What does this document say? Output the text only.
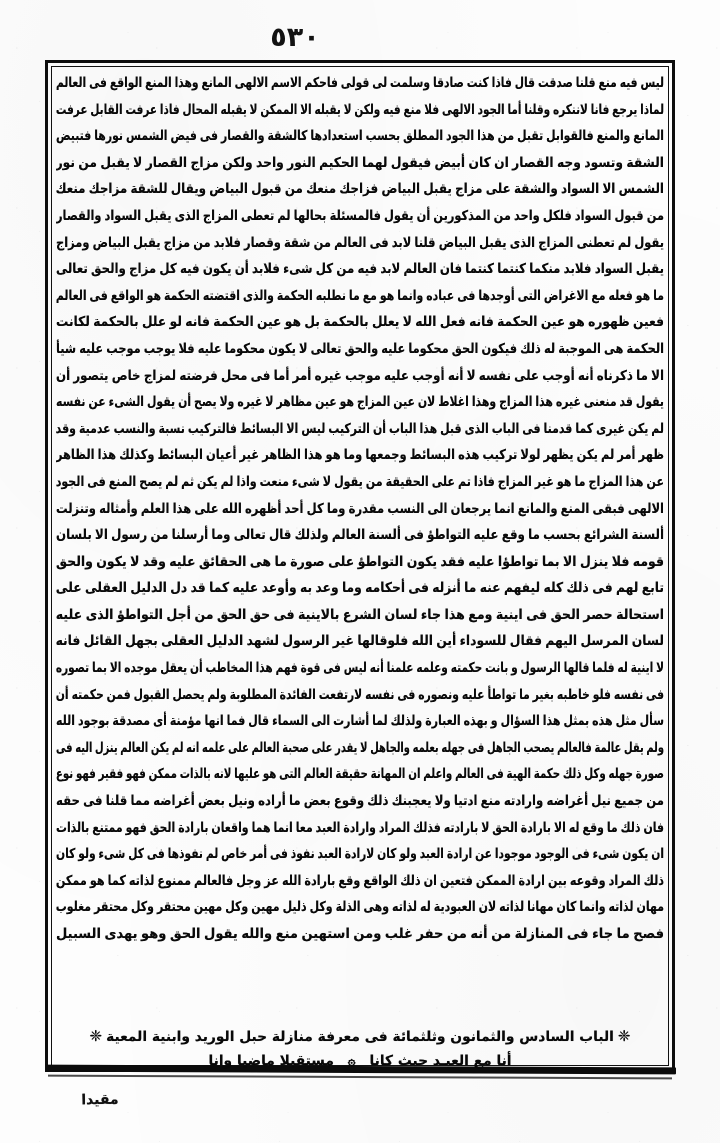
٥٣٠
ليس فيه منع قلنا صدقت قال فاذا كنت صادقا وسلمت لى قولى فاحكم الاسم الالهى المانع وهذا المنع الواقع فى العالم
لماذا يرجع فانا لاننكره وقلنا أما الجود الالهى فلا منع فيه ولكن لا يقبله الا الممكن لا يقبله المحال فاذا عرفت القابل عرفت
المانع والمنع فالقوابل تقبل من هذا الجود المطلق بحسب استعدادها كالشقة والقصار فى فيض الشمس نورها فتبيض
الشقة وتسود وجه القصار ان كان أبيض فيقول لهما الحكيم النور واحد ولكن مزاج القصار لا يقبل من نور
الشمس الا السواد والشقة على مزاج يقبل البياض فزاجك منعك من قبول البياض ويقال للشقة مزاجك منعك
من قبول السواد فلكل واحد من المذكورين أن يقول فالمسئلة بحالها لم تعطى المزاج الذى يقبل السواد والقصار
يقول لم تعطنى المزاج الذى يقبل البياض قلنا لابد فى العالم من شقة وقصار فلابد من مزاج يقبل البياض ومزاج
يقبل السواد فلابد منكما كنتما كنتما فان العالم لابد فيه من كل شىء فلابد أن يكون فيه كل مزاج والحق تعالى
ما هو فعله مع الاغراض التى أوجدها فى عباده وانما هو مع ما نطلبه الحكمة والذى اقتضته الحكمة هو الواقع فى العالم
فعين ظهوره هو عين الحكمة فانه فعل الله لا يعلل بالحكمة بل هو عين الحكمة فانه لو علل بالحكمة لكانت
الحكمة هى الموجبة له ذلك فيكون الحق محكوما عليه والحق تعالى لا يكون محكوما عليه فلا يوجب موجب عليه شيأ
الا ما ذكرناه أنه أوجب على نفسه لا أنه أوجب عليه موجب غيره أمر أما فى محل فرضته لمزاج خاص يتصور أن
يقول قد منعنى غيره هذا المزاج وهذا اغلاط لان عين المزاج هو عين مظاهر لا غيره ولا يصح أن يقول الشىء عن نفسه
لم يكن غيرى كما قدمنا فى الباب الذى قبل هذا الباب أن التركيب ليس الا البسائط فالتركيب نسبة والنسب عدمية وقد
ظهر أمر لم يكن يظهر لولا تركيب هذه البسائط وجمعها وما هو هذا الظاهر غير أعيان البسائط وكذلك هذا الظاهر
عن هذا المزاج ما هو غير المزاج فاذا تم على الحقيقة من يقول لا شىء منعت واذا لم يكن ثم لم يصح المنع فى الجود
الالهى فبقى المنع والمانع انما يرجعان الى النسب مقدرة وما كل أحد أظهره الله على هذا العلم وأمثاله وتنزلت
ألسنة الشرائع بحسب ما وقع عليه التواطؤ فى ألسنة العالم ولذلك قال تعالى وما أرسلنا من رسول الا بلسان
قومه فلا ينزل الا بما تواطؤا عليه فقد يكون التواطؤ على صورة ما هى الحقائق عليه وقد لا يكون والحق
تابع لهم فى ذلك كله ليفهم عنه ما أنزله فى أحكامه وما وعد به وأوعد عليه كما قد دل الدليل العقلى على
استحالة حصر الحق فى اينية ومع هذا جاء لسان الشرع بالاينية فى حق الحق من أجل التواطؤ الذى عليه
لسان المرسل اليهم فقال للسوداء أين الله فلوقالها غير الرسول لشهد الدليل العقلى بجهل القائل فانه
لا اينية له فلما قالها الرسول و بانت حكمته وعلمه علمنا أنه ليس فى قوة فهم هذا المخاطب أن يعقل موجده الا بما تصوره
فى نفسه فلو خاطبه بغير ما تواطأ عليه ونصوره فى نفسه لارتفعت الفائدة المطلوبة ولم يحصل القبول فمن حكمته أن
سأل مثل هذه بمثل هذا السؤال و بهذه العبارة ولذلك لما أشارت الى السماء قال فما انها مؤمنة أى مصدقة بوجود الله
ولم يقل عالمة فالعالم يصحب الجاهل فى جهله بعلمه والجاهل لا يقدر على صحبة العالم على علمه انه لم يكن العالم ينزل اليه فى
صورة جهله وكل ذلك حكمة الهية فى العالم واعلم ان المهانة حقيقة العالم التى هو عليها لانه بالذات ممكن فهو فقير فهو نوع
من جميع نيل أغراضه وارادته منع ادتيا ولا يعجبنك ذلك وقوع بعض ما أراده ونيل بعض أغراضه مما قلنا فى حقه
فان ذلك ما وقع له الا بارادة الحق لا بارادته فذلك المراد وارادة العبد معا انما هما واقعان بارادة الحق فهو ممتنع بالذات
ان يكون شىء فى الوجود موجودا عن ارادة العبد ولو كان لارادة العبد نفوذ فى أمر خاص لم نفوذها فى كل شىء ولو كان
ذلك المراد وقوعه بين ارادة الممكن فتعين ان ذلك الواقع وقع بارادة الله عز وجل فالعالم ممنوع لذاته كما هو ممكن
مهان لذاته وانما كان مهانا لذاته لان العبودية له لذاته وهى الذلة وكل ذليل مهين وكل مهين محتقر وكل محتقر مغلوب
فصح ما جاء فى المنازلة من أنه من حفر غلب ومن استهين منع والله يقول الحق وهو يهدى السبيل
❈الباب السادس والثمانون وثلثمائة فى معرفة منازلة حبل الوريد وابنية المعية❈
أنا مع العبـد حيث كانا۞مستقبلا ماضيا وانا
مقيدا
